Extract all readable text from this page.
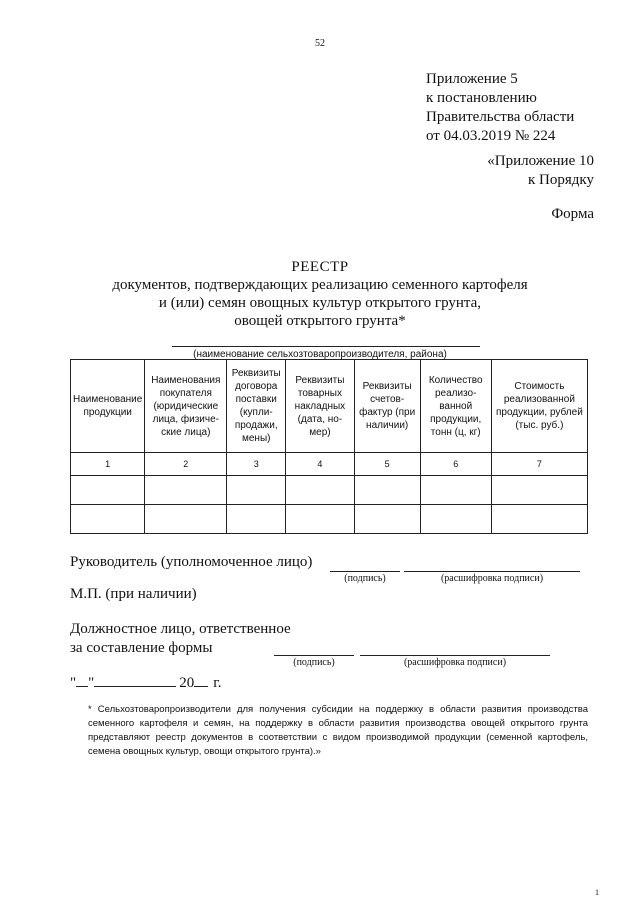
52
Приложение 5
к постановлению
Правительства области
от 04.03.2019 № 224
«Приложение 10
к Порядку
Форма
РЕЕСТР
документов, подтверждающих реализацию семенного картофеля
и (или) семян овощных культур открытого грунта,
овощей открытого грунта*
(наименование сельхозтоваропроизводителя, района)
Наименование продукции	Наименования покупателя (юридические лица, физиче-ские лица)	Реквизиты договора поставки (купли-продажи, мены)	Реквизиты товарных накладных (дата, но-мер)	Реквизиты счетов-фактур (при наличии)	Количество реализо-ванной продукции, тонн (ц, кг)	Стоимость реализованной продукции, рублей (тыс. руб.)
1	2	3	4	5	6	7

Руководитель (уполномоченное лицо)
(подпись)	(расшифровка подписи)
М.П. (при наличии)
Должностное лицо, ответственное
за составление формы
(подпись)	(расшифровка подписи)
" "	20 г.
* Сельхозтоваропроизводители для получения субсидии на поддержку в области развития производства семенного картофеля и семян, на поддержку в области развития производства овощей открытого грунта представляют реестр документов в соответствии с видом производимой продукции (семенной картофель, семена овощных культур, овощи открытого грунта).»
1
